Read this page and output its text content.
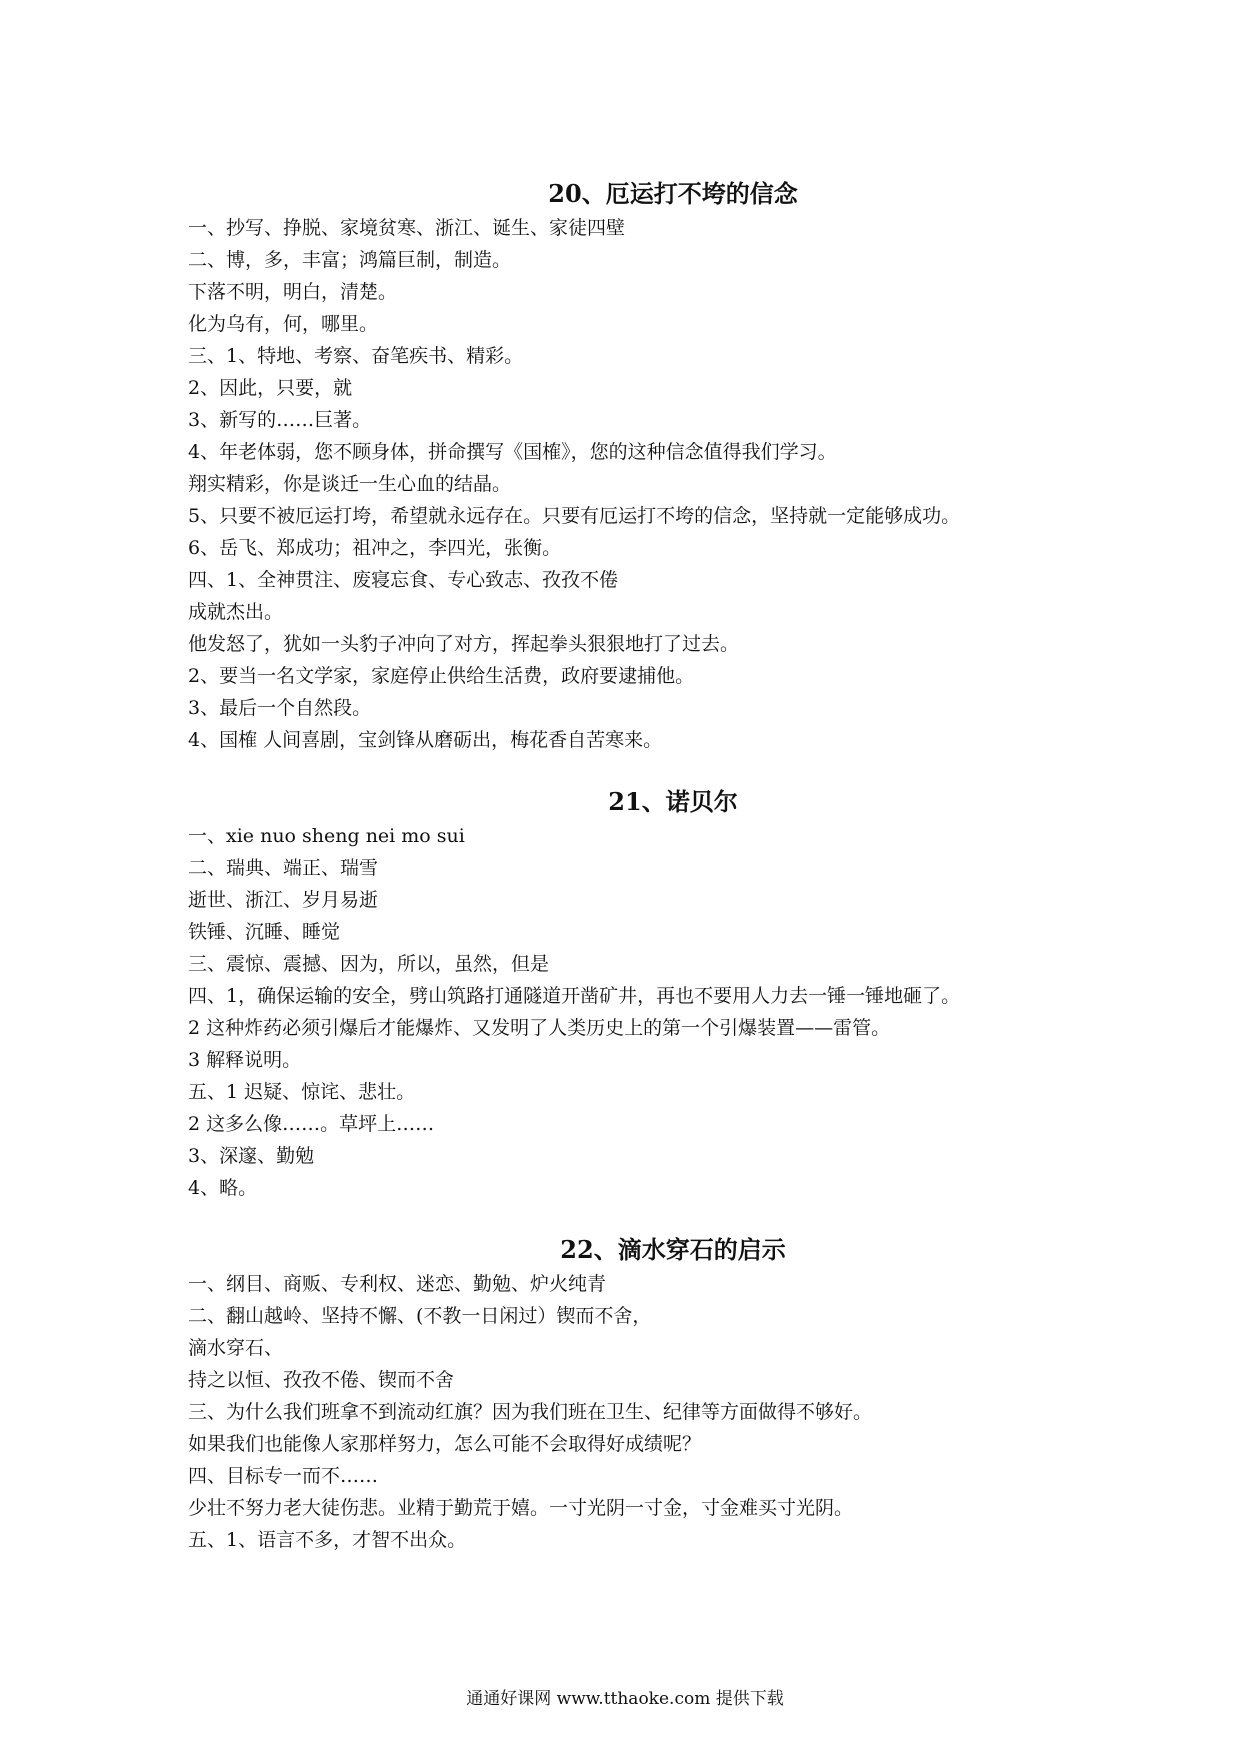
20、厄运打不垮的信念

一、抄写、挣脱、家境贫寒、浙江、诞生、家徒四壁

二、博，多，丰富；鸿篇巨制，制造。

下落不明，明白，清楚。

化为乌有，何，哪里。

三、1、特地、考察、奋笔疾书、精彩。

2、因此，只要，就

3、新写的……巨著。

4、年老体弱，您不顾身体，拼命撰写《国榷》，您的这种信念值得我们学习。

翔实精彩，你是谈迁一生心血的结晶。

5、只要不被厄运打垮，希望就永远存在。只要有厄运打不垮的信念，坚持就一定能够成功。

6、岳飞、郑成功；祖冲之，李四光，张衡。

四、1、全神贯注、废寝忘食、专心致志、孜孜不倦

成就杰出。

他发怒了，犹如一头豹子冲向了对方，挥起拳头狠狠地打了过去。

2、要当一名文学家，家庭停止供给生活费，政府要逮捕他。

3、最后一个自然段。

4、国榷 人间喜剧，宝剑锋从磨砺出，梅花香自苦寒来。

21、诺贝尔

一、xie nuo sheng nei mo sui

二、瑞典、端正、瑞雪

逝世、浙江、岁月易逝

铁锤、沉睡、睡觉

三、震惊、震撼、因为，所以，虽然，但是

四、1，确保运输的安全，劈山筑路打通隧道开凿矿井，再也不要用人力去一锤一锤地砸了。

2 这种炸药必须引爆后才能爆炸、又发明了人类历史上的第一个引爆装置——雷管。

3 解释说明。

五、1 迟疑、惊诧、悲壮。

2 这多么像……。草坪上……

3、深邃、勤勉

4、略。

22、滴水穿石的启示

一、纲目、商贩、专利权、迷恋、勤勉、炉火纯青

二、翻山越岭、坚持不懈、(不教一日闲过）锲而不舍，

滴水穿石、

持之以恒、孜孜不倦、锲而不舍

三、为什么我们班拿不到流动红旗？因为我们班在卫生、纪律等方面做得不够好。

如果我们也能像人家那样努力，怎么可能不会取得好成绩呢？

四、目标专一而不……

少壮不努力老大徒伤悲。业精于勤荒于嬉。一寸光阴一寸金，寸金难买寸光阴。

五、1、语言不多，才智不出众。

通通好课网 www.tthaoke.com 提供下载
